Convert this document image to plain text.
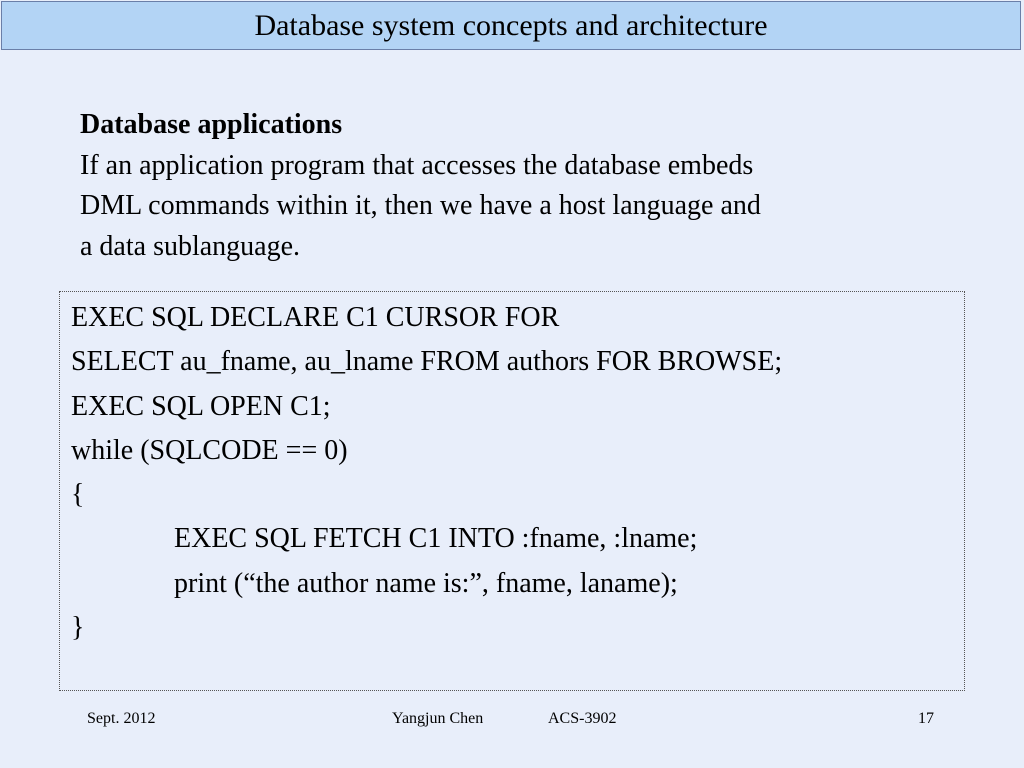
Database system concepts and architecture
Database applications
If an application program that accesses the database embeds
DML commands within it, then we have a host language and
a data sublanguage.
EXEC SQL DECLARE C1 CURSOR FOR
SELECT au_fname, au_lname FROM authors FOR BROWSE;
EXEC SQL OPEN C1;
while (SQLCODE == 0)
{
EXEC SQL FETCH C1 INTO :fname, :lname;
print (“the author name is:”, fname, laname);
}
Sept. 2012	Yangjun Chen	ACS-3902	17
